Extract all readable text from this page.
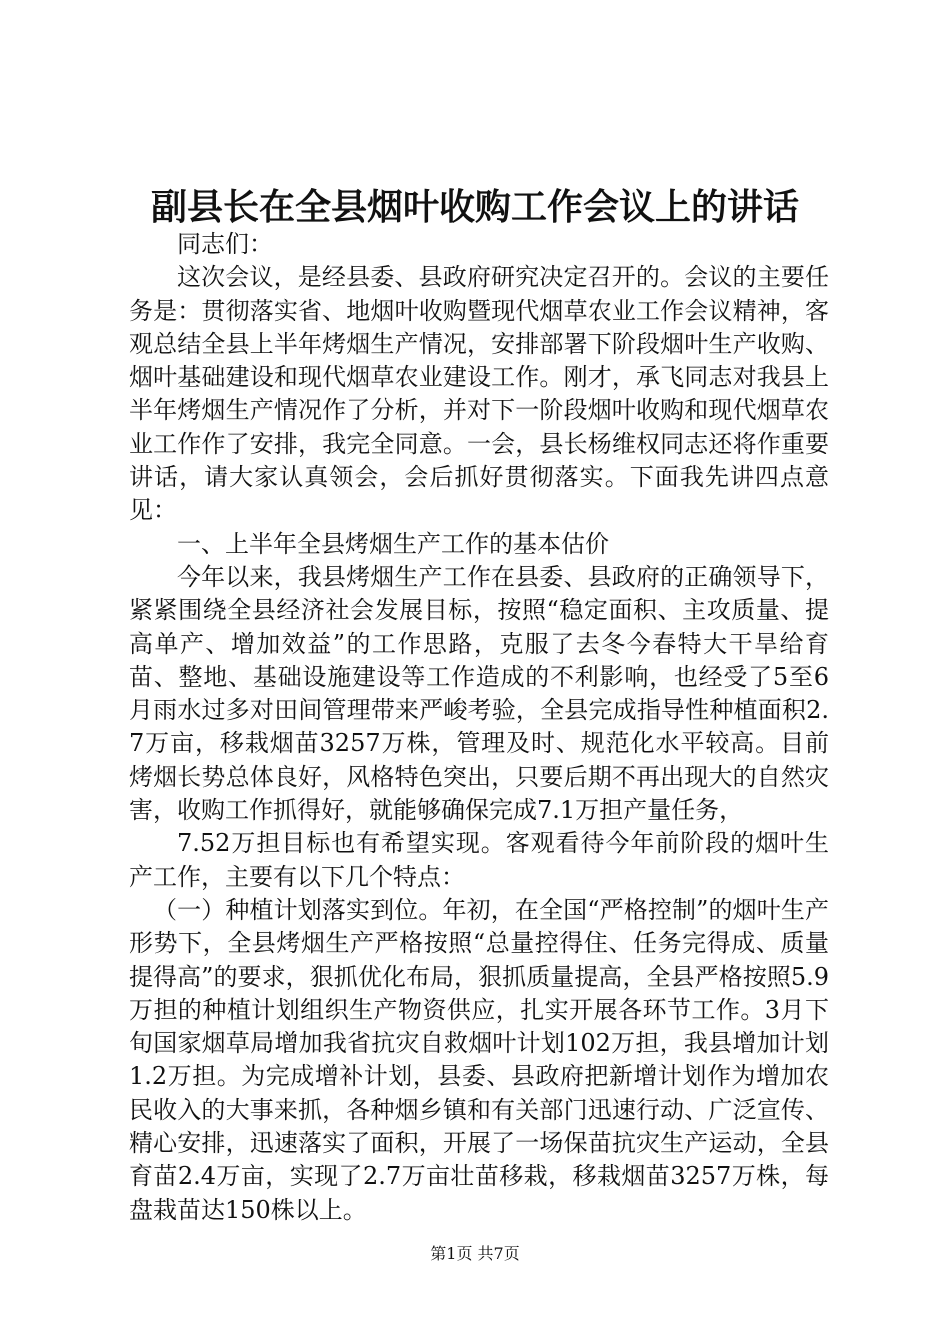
副县长在全县烟叶收购工作会议上的讲话

同志们：

这次会议，是经县委、县政府研究决定召开的。会议的主要任务是：贯彻落实省、地烟叶收购暨现代烟草农业工作会议精神，客观总结全县上半年烤烟生产情况，安排部署下阶段烟叶生产收购、烟叶基础建设和现代烟草农业建设工作。刚才，承飞同志对我县上半年烤烟生产情况作了分析，并对下一阶段烟叶收购和现代烟草农业工作作了安排，我完全同意。一会，县长杨维权同志还将作重要讲话，请大家认真领会，会后抓好贯彻落实。下面我先讲四点意见：

一、上半年全县烤烟生产工作的基本估价

今年以来，我县烤烟生产工作在县委、县政府的正确领导下，紧紧围绕全县经济社会发展目标，按照“稳定面积、主攻质量、提高单产、增加效益”的工作思路，克服了去冬今春特大干旱给育苗、整地、基础设施建设等工作造成的不利影响，也经受了5至6月雨水过多对田间管理带来严峻考验，全县完成指导性种植面积2.7万亩，移栽烟苗3257万株，管理及时、规范化水平较高。目前烤烟长势总体良好，风格特色突出，只要后期不再出现大的自然灾害，收购工作抓得好，就能够确保完成7.1万担产量任务，

7.52万担目标也有希望实现。客观看待今年前阶段的烟叶生产工作，主要有以下几个特点：

（一）种植计划落实到位。年初，在全国“严格控制”的烟叶生产形势下，全县烤烟生产严格按照“总量控得住、任务完得成、质量提得高”的要求，狠抓优化布局，狠抓质量提高，全县严格按照5.9万担的种植计划组织生产物资供应，扎实开展各环节工作。3月下旬国家烟草局增加我省抗灾自救烟叶计划102万担，我县增加计划1.2万担。为完成增补计划，县委、县政府把新增计划作为增加农民收入的大事来抓，各种烟乡镇和有关部门迅速行动、广泛宣传、精心安排，迅速落实了面积，开展了一场保苗抗灾生产运动，全县育苗2.4万亩，实现了2.7万亩壮苗移栽，移栽烟苗3257万株，每盘栽苗达150株以上。

第1页 共7页
